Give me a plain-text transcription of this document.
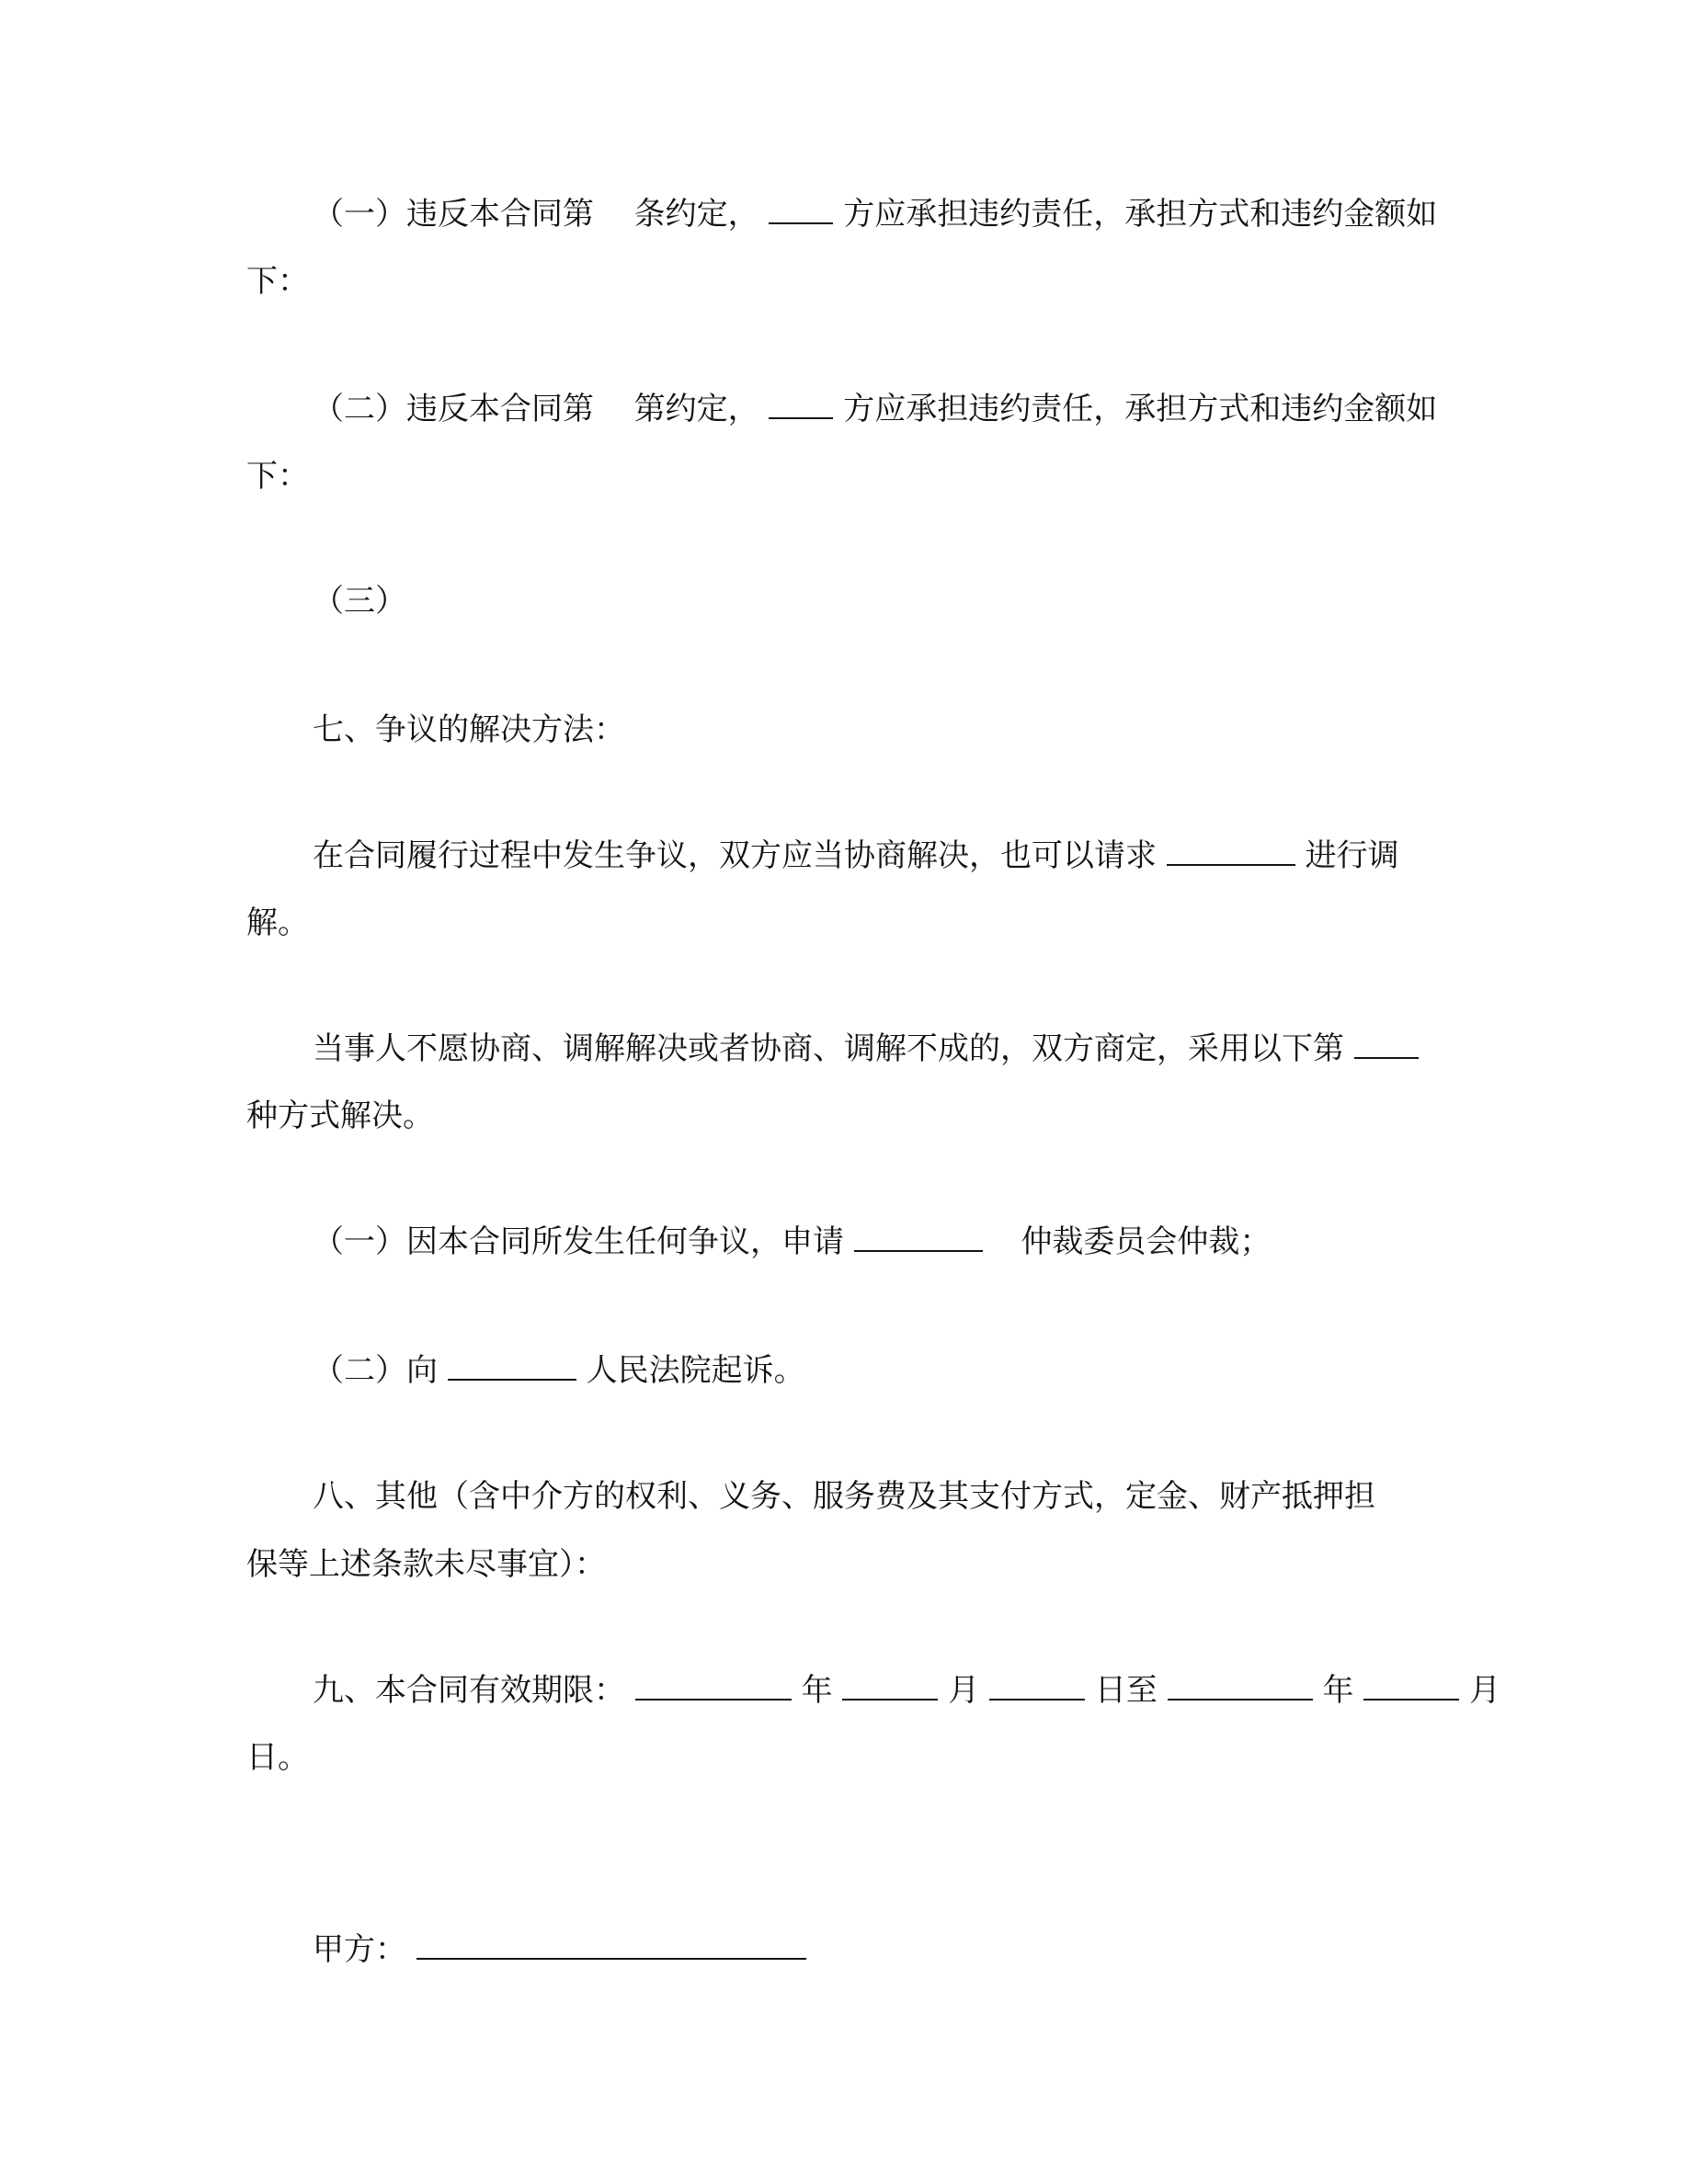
（一）违反本合同第 条约定，	方应承担违约责任，承担方式和违约金额如
下：
（二）违反本合同第 第约定，	方应承担违约责任，承担方式和违约金额如
下：
（三）
七、争议的解决方法：
在合同履行过程中发生争议，双方应当协商解决，也可以请求	进行调
解。
当事人不愿协商、调解解决或者协商、调解不成的，双方商定，采用以下第
种方式解决。
（一）因本合同所发生任何争议，申请	仲裁委员会仲裁；
（二）向	人民法院起诉。
八、其他（含中介方的权利、义务、服务费及其支付方式，定金、财产抵押担
保等上述条款未尽事宜）：
九、本合同有效期限：	年	月	日至	年	月
日。
甲方：
